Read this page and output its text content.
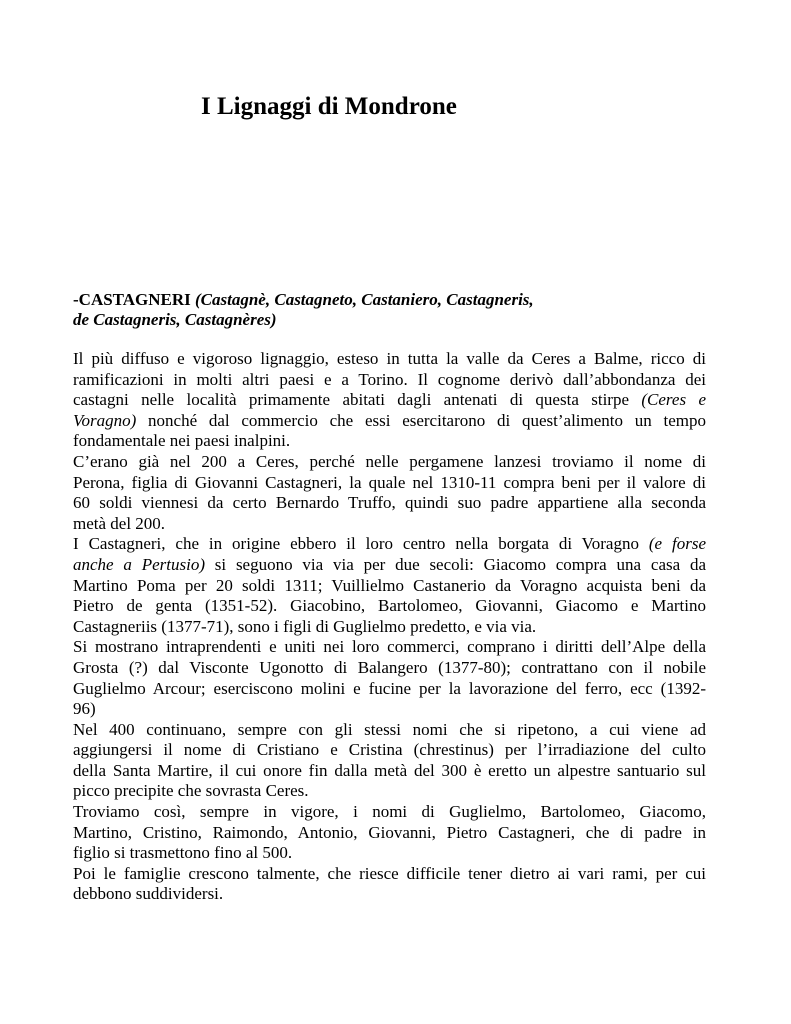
I Lignaggi di Mondrone
-CASTAGNERI (Castagnè, Castagneto, Castaniero, Castagneris,
de Castagneris, Castagnères)

Il più diffuso e vigoroso lignaggio, esteso in tutta la valle da Ceres a Balme, ricco di
ramificazioni in molti altri paesi e a Torino. Il cognome derivò dall’abbondanza dei
castagni nelle località primamente abitati dagli antenati di questa stirpe (Ceres e
Voragno) nonché dal commercio che essi esercitarono di quest’alimento un tempo
fondamentale nei paesi inalpini.

C’erano già nel 200 a Ceres, perché nelle pergamene lanzesi troviamo il nome di
Perona, figlia di Giovanni Castagneri, la quale nel 1310-11 compra beni per il valore di
60 soldi viennesi da certo Bernardo Truffo, quindi suo padre appartiene alla seconda
metà del 200.

I Castagneri, che in origine ebbero il loro centro nella borgata di Voragno (e forse
anche a Pertusio) si seguono via via per due secoli: Giacomo compra una casa da
Martino Poma per 20 soldi 1311; Vuillielmo Castanerio da Voragno acquista beni da
Pietro de genta (1351-52). Giacobino, Bartolomeo, Giovanni, Giacomo e Martino
Castagneriis (1377-71), sono i figli di Guglielmo predetto, e via via.

Si mostrano intraprendenti e uniti nei loro commerci, comprano i diritti dell’Alpe della
Grosta (?) dal Visconte Ugonotto di Balangero (1377-80); contrattano con il nobile
Guglielmo Arcour; eserciscono molini e fucine per la lavorazione del ferro, ecc (1392-
96)

Nel 400 continuano, sempre con gli stessi nomi che si ripetono, a cui viene ad
aggiungersi il nome di Cristiano e Cristina (chrestinus) per l’irradiazione del culto
della Santa Martire, il cui onore fin dalla metà del 300 è eretto un alpestre santuario sul
picco precipite che sovrasta Ceres.

Troviamo così, sempre in vigore, i nomi di Guglielmo, Bartolomeo, Giacomo,
Martino, Cristino, Raimondo, Antonio, Giovanni, Pietro Castagneri, che di padre in
figlio si trasmettono fino al 500.

Poi le famiglie crescono talmente, che riesce difficile tener dietro ai vari rami, per cui
debbono suddividersi.
